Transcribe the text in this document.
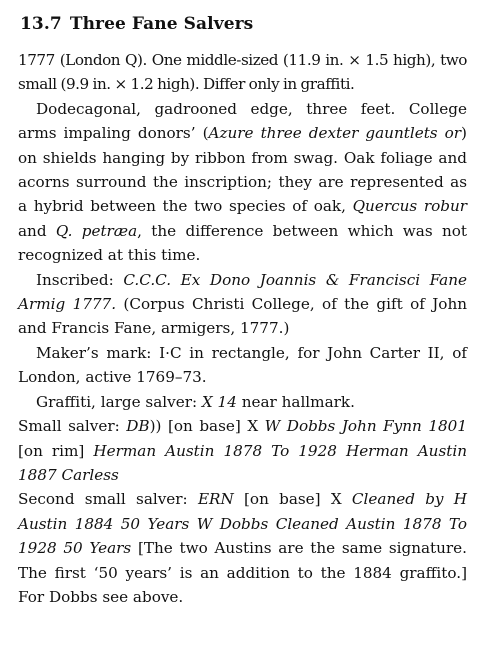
13.7 Three Fane Salvers

1777 (London Q). One middle-sized (11.9 in. × 1.5 high), two small (9.9 in. × 1.2 high). Differ only in graffiti.

Dodecagonal, gadrooned edge, three feet. College arms impaling donors’ (Azure three dexter gauntlets or) on shields hanging by ribbon from swag. Oak foliage and acorns surround the inscription; they are represented as a hybrid between the two species of oak, Quercus robur and Q. petræa, the difference between which was not recognized at this time.

Inscribed: C.C.C. Ex Dono Joannis & Francisci Fane Armig 1777. (Corpus Christi College, of the gift of John and Francis Fane, armigers, 1777.)

Maker’s mark: I·C in rectangle, for John Carter II, of London, active 1769–73.

Graffiti, large salver: X 14 near hallmark.

Small salver: DB)) [on base] X W Dobbs John Fynn 1801 [on rim] Herman Austin 1878 To 1928 Herman Austin 1887 Carless

Second small salver: ERN [on base] X Cleaned by H Austin 1884 50 Years W Dobbs Cleaned Austin 1878 To 1928 50 Years [The two Austins are the same signature. The first ‘50 years’ is an addition to the 1884 graffito.] For Dobbs see above.
